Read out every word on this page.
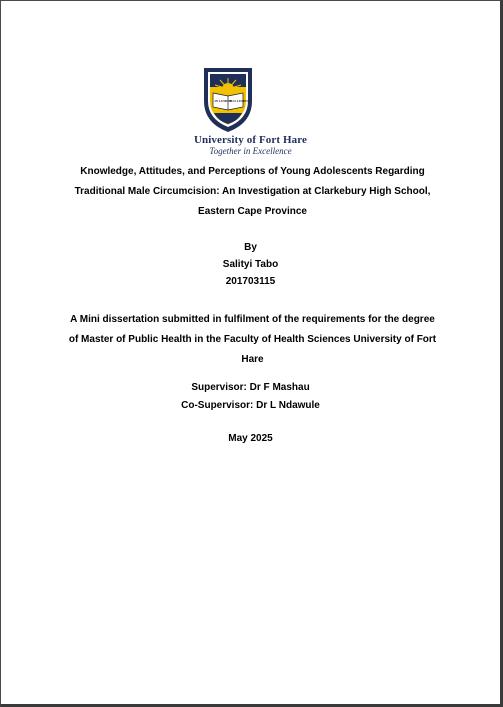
IN LUMINE
TUO LUMEN
University of Fort Hare
Together in Excellence
Knowledge, Attitudes, and Perceptions of Young Adolescents Regarding
Traditional Male Circumcision: An Investigation at Clarkebury High School,
Eastern Cape Province
By
Salityi Tabo
201703115
A Mini dissertation submitted in fulfilment of the requirements for the degree
of Master of Public Health in the Faculty of Health Sciences University of Fort
Hare
Supervisor: Dr F Mashau
Co-Supervisor: Dr L Ndawule
May 2025
